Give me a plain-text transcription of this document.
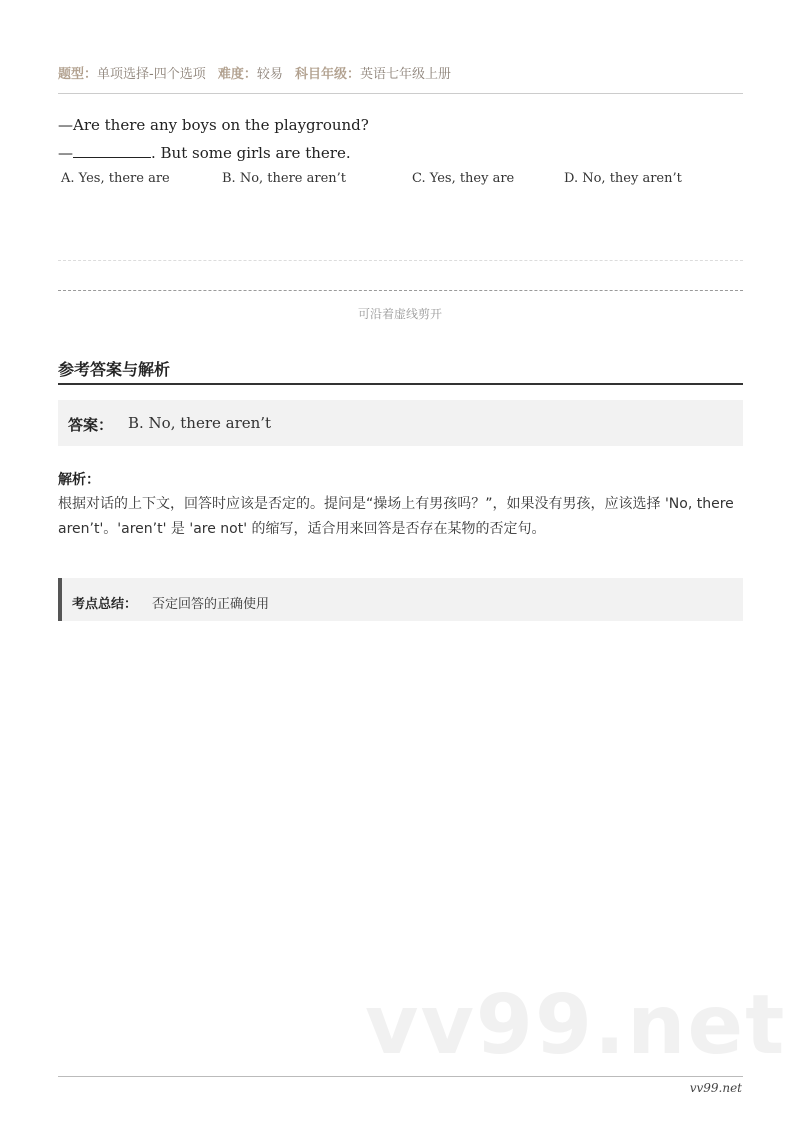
题型：单项选择-四个选项 难度：较易 科目年级：英语七年级上册
—Are there any boys on the playground?
—	. But some girls are there.
A. Yes, there are	B. No, there aren’t	C. Yes, they are	D. No, they aren’t
可沿着虚线剪开
参考答案与解析
答案： B. No, there aren’t
解析：
根据对话的上下文，回答时应该是否定的。提问是“操场上有男孩吗？”，如果没有男孩，应该选择 'No, there aren’t'。'aren’t' 是 'are not' 的缩写，适合用来回答是否存在某物的否定句。
考点总结： 否定回答的正确使用
vv99.net
vv99.net
